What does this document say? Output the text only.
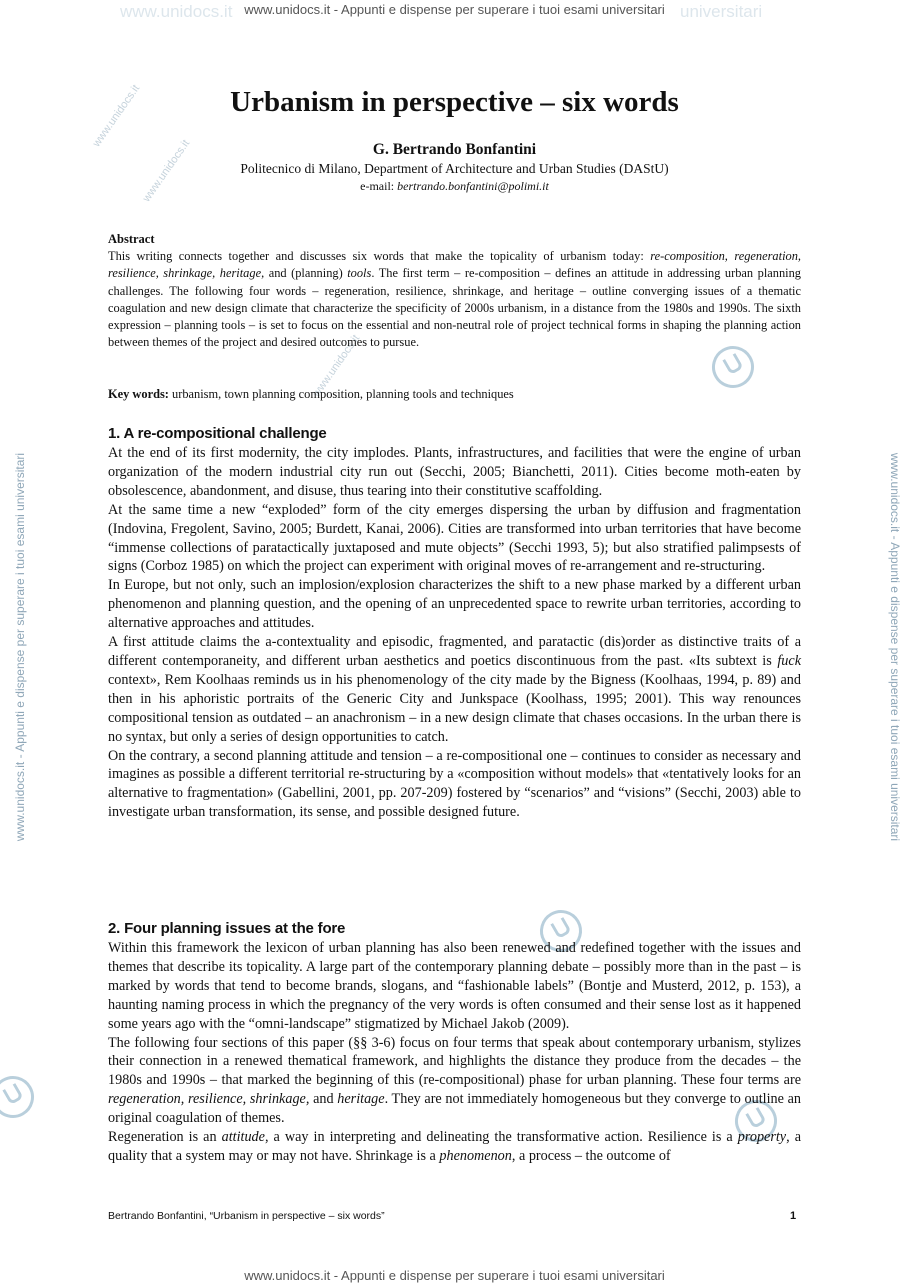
www.unidocs.it	universitari
www.unidocs.it - Appunti e dispense per superare i tuoi esami universitari
www.unidocs.it
www.unidocs.it
www.unidocs.it
www.unidocs.it - Appunti e dispense per superare i tuoi esami universitari	www.unidocs.it - Appunti e dispense per superare i tuoi esami universitari
Urbanism in perspective – six words
G. Bertrando Bonfantini
Politecnico di Milano, Department of Architecture and Urban Studies (DAStU)
e-mail: bertrando.bonfantini@polimi.it
Abstract
This writing connects together and discusses six words that make the topicality of urbanism today: re-composition, regeneration, resilience, shrinkage, heritage, and (planning) tools. The first term – re-composition – defines an attitude in addressing urban planning challenges. The following four words – regeneration, resilience, shrinkage, and heritage – outline converging issues of a thematic coagulation and new design climate that characterize the specificity of 2000s urbanism, in a distance from the 1980s and 1990s. The sixth expression – planning tools – is set to focus on the essential and non-neutral role of project technical forms in shaping the planning action between themes of the project and desired outcomes to pursue.
Key words: urbanism, town planning composition, planning tools and techniques
1. A re-compositional challenge

At the end of its first modernity, the city implodes. Plants, infrastructures, and facilities that were the engine of urban organization of the modern industrial city run out (Secchi, 2005; Bianchetti, 2011). Cities become moth-eaten by obsolescence, abandonment, and disuse, thus tearing into their constitutive scaffolding.

At the same time a new “exploded” form of the city emerges dispersing the urban by diffusion and fragmentation (Indovina, Fregolent, Savino, 2005; Burdett, Kanai, 2006). Cities are transformed into urban territories that have become “immense collections of paratactically juxtaposed and mute objects” (Secchi 1993, 5); but also stratified palimpsests of signs (Corboz 1985) on which the project can experiment with original moves of re-arrangement and re-structuring.

In Europe, but not only, such an implosion/explosion characterizes the shift to a new phase marked by a different urban phenomenon and planning question, and the opening of an unprecedented space to rewrite urban territories, according to alternative approaches and attitudes.

A first attitude claims the a-contextuality and episodic, fragmented, and paratactic (dis)order as distinctive traits of a different contemporaneity, and different urban aesthetics and poetics discontinuous from the past. «Its subtext is fuck context», Rem Koolhaas reminds us in his phenomenology of the city made by the Bigness (Koolhaas, 1994, p. 89) and then in his aphoristic portraits of the Generic City and Junkspace (Koolhass, 1995; 2001). This way renounces compositional tension as outdated – an anachronism – in a new design climate that chases occasions. In the urban there is no syntax, but only a series of design opportunities to catch.

On the contrary, a second planning attitude and tension – a re-compositional one – continues to consider as necessary and imagines as possible a different territorial re-structuring by a «composition without models» that «tentatively looks for an alternative to fragmentation» (Gabellini, 2001, pp. 207-209) fostered by “scenarios” and “visions” (Secchi, 2003) able to investigate urban transformation, its sense, and possible designed future.

2. Four planning issues at the fore

Within this framework the lexicon of urban planning has also been renewed and redefined together with the issues and themes that describe its topicality. A large part of the contemporary planning debate – possibly more than in the past – is marked by words that tend to become brands, slogans, and “fashionable labels” (Bontje and Musterd, 2012, p. 153), a haunting naming process in which the pregnancy of the very words is often consumed and their sense lost as it happened some years ago with the “omni-landscape” stigmatized by Michael Jakob (2009).

The following four sections of this paper (§§ 3-6) focus on four terms that speak about contemporary urbanism, stylizes their connection in a renewed thematical framework, and highlights the distance they produce from the decades – the 1980s and 1990s – that marked the beginning of this (re-compositional) phase for urban planning. These four terms are regeneration, resilience, shrinkage, and heritage. They are not immediately homogeneous but they converge to outline an original coagulation of themes.

Regeneration is an attitude, a way in interpreting and delineating the transformative action. Resilience is a property, a quality that a system may or may not have. Shrinkage is a phenomenon, a process – the outcome of

Bertrando Bonfantini, “Urbanism in perspective – six words”	1
www.unidocs.it - Appunti e dispense per superare i tuoi esami universitari
